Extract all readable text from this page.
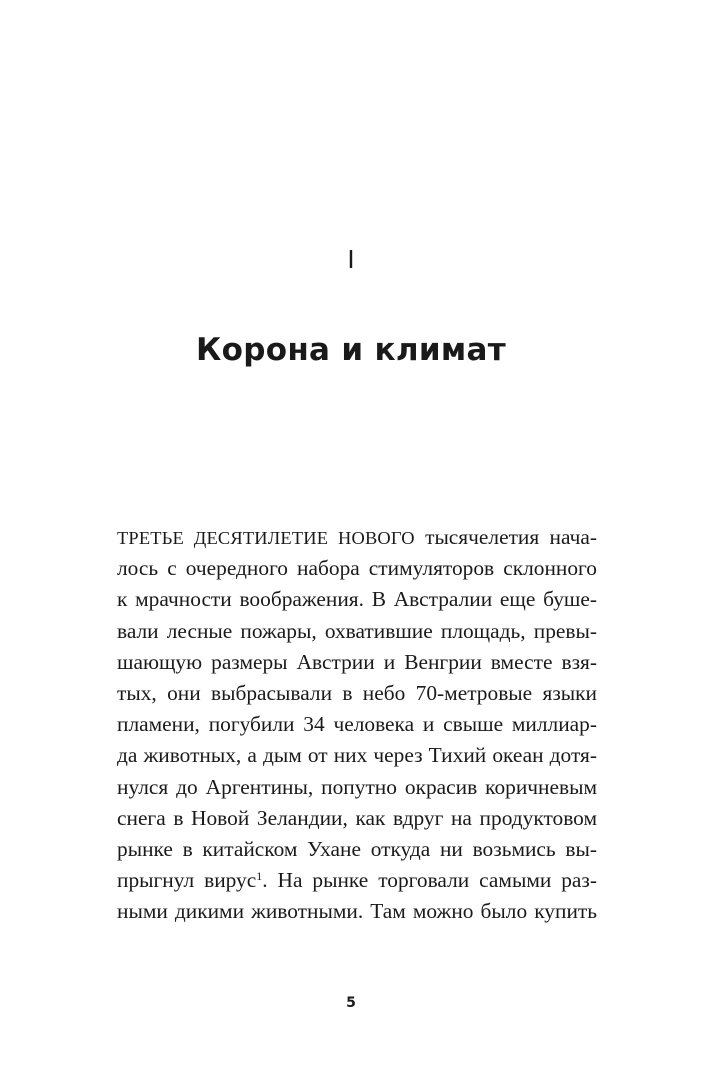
I
Корона и климат
ТРЕТЬЕ ДЕСЯТИЛЕТИЕ НОВОГО тысячелетия нача-
лось с очередного набора стимуляторов склонного
к мрачности воображения. В Австралии еще буше-
вали лесные пожары, охватившие площадь, превы-
шающую размеры Австрии и Венгрии вместе взя-
тых, они выбрасывали в небо 70-метровые языки
пламени, погубили 34 человека и свыше миллиар-
да животных, а дым от них через Тихий океан дотя-
нулся до Аргентины, попутно окрасив коричневым
снега в Новой Зеландии, как вдруг на продуктовом
рынке в китайском Ухане откуда ни возьмись вы-
прыгнул вирус$^1$. На рынке торговали самыми раз-
ными дикими животными. Там можно было купить
5
